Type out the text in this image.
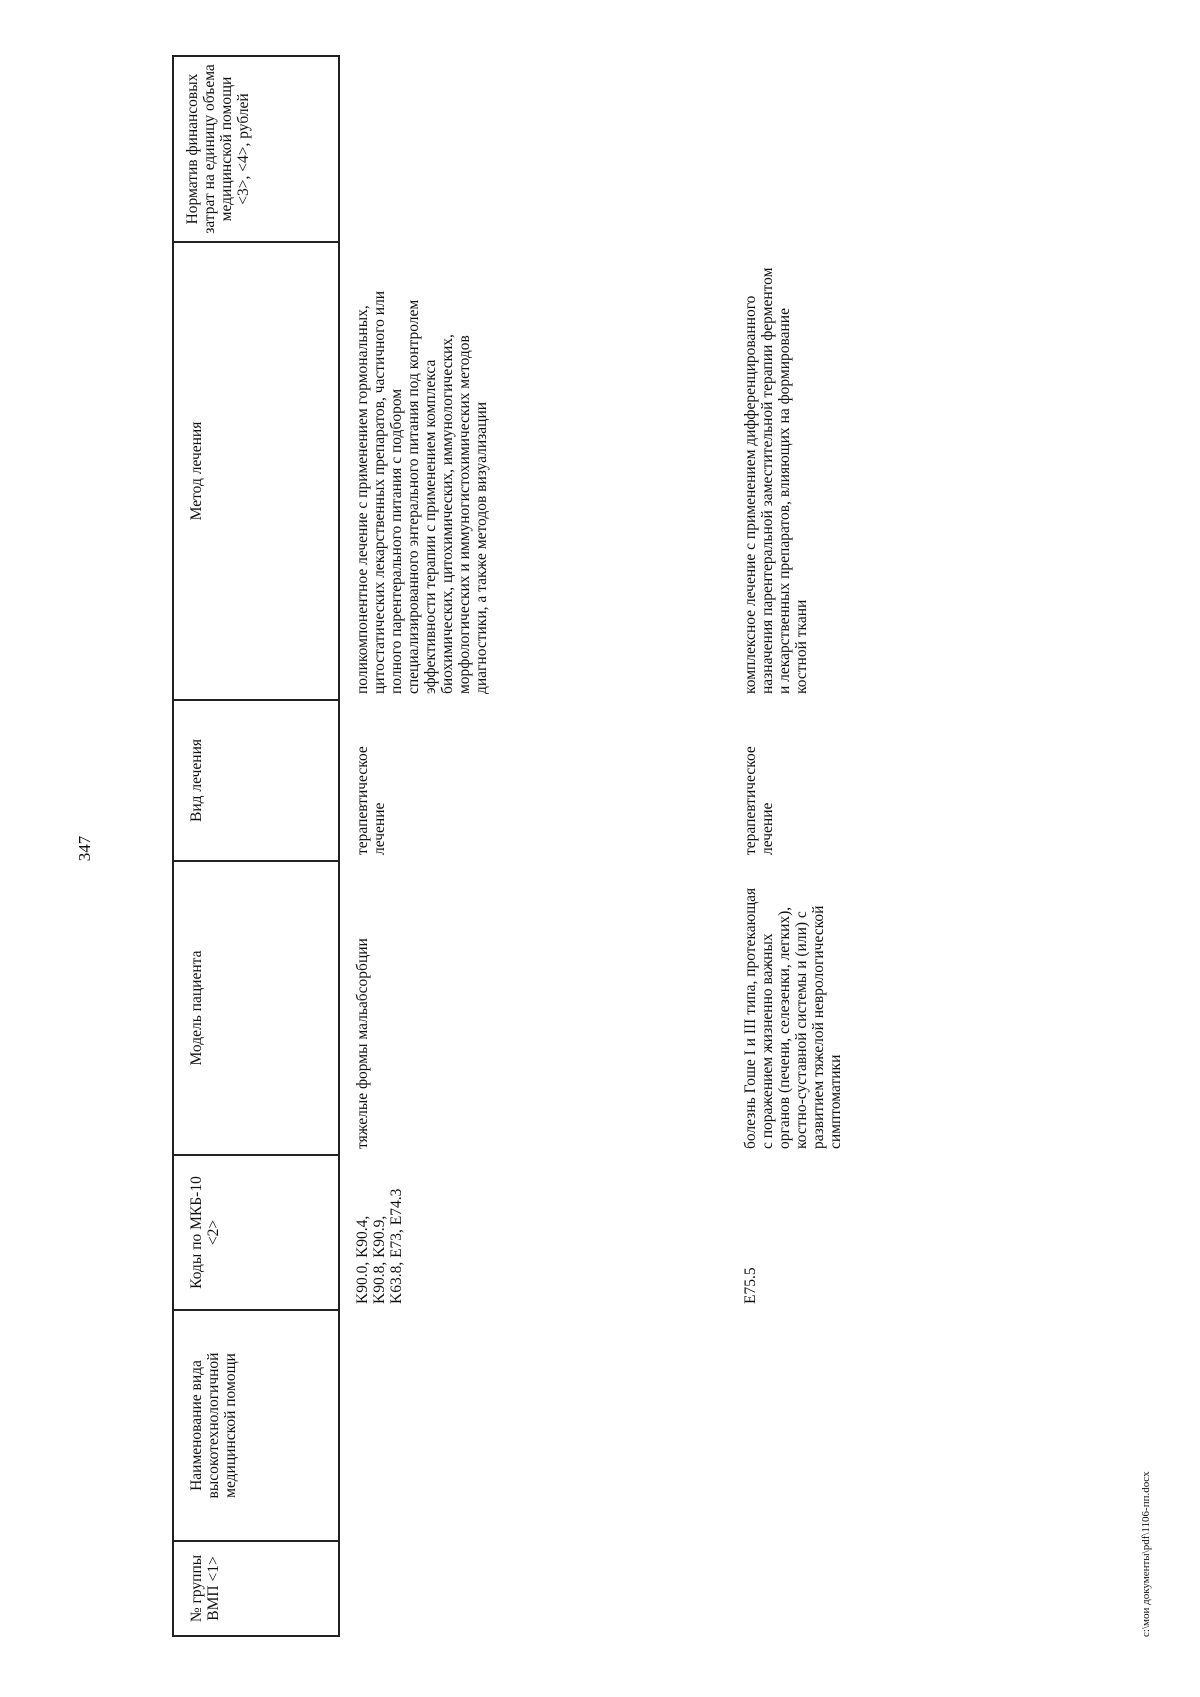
347
№ группы ВМП <1>	Наименование вида высокотехнологичной медицинской помощи	Коды по МКБ-10 <2>	Модель пациента	Вид лечения	Метод лечения	Норматив финансовых затрат на единицу объема медицинской помощи <3>, <4>, рублей
		K90.0, K90.4, K90.8, K90.9, K63.8, E73, E74.3	тяжелые формы мальабсорбции	терапевтическое лечение	поликомпонентное лечение с применением гормональных, цитостатических лекарственных препаратов, частичного или полного парентерального питания с подбором специализированного энтерального питания под контролем эффективности терапии с применением комплекса биохимических, цитохимических, иммунологических, морфологических и иммуногистохимических методов диагностики, а также методов визуализации	
		E75.5	болезнь Гоше I и III типа, протекающая с поражением жизненно важных органов (печени, селезенки, легких), костно-суставной системы и (или) с развитием тяжелой неврологической симптоматики	терапевтическое лечение	комплексное лечение с применением дифференцированного назначения парентеральной заместительной терапии ферментом и лекарственных препаратов, влияющих на формирование костной ткани	
c:\мои документы\pdf\1106-пп.docx
